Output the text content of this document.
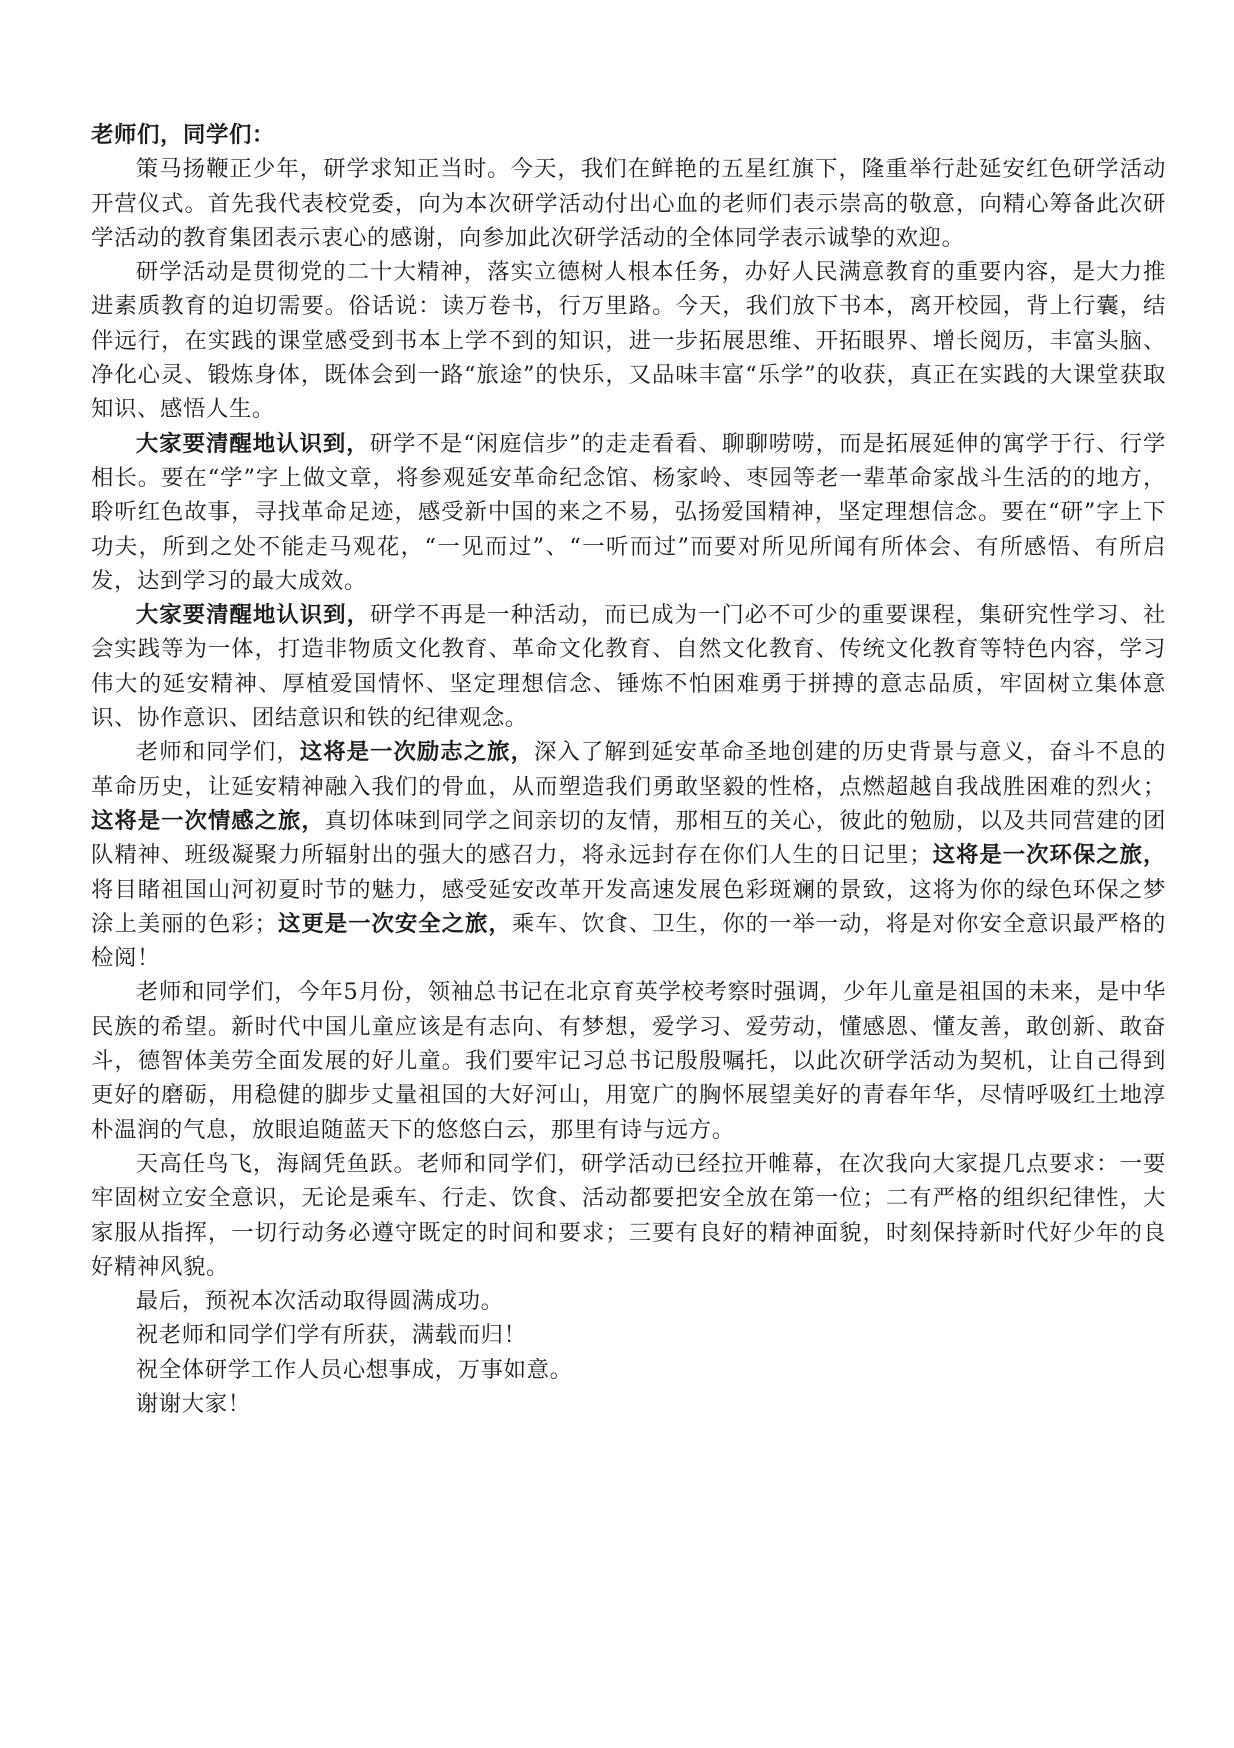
老师们，同学们：

策马扬鞭正少年，研学求知正当时。今天，我们在鲜艳的五星红旗下，隆重举行赴延安红色研学活动开营仪式。首先我代表校党委，向为本次研学活动付出心血的老师们表示崇高的敬意，向精心筹备此次研学活动的教育集团表示衷心的感谢，向参加此次研学活动的全体同学表示诚挚的欢迎。

研学活动是贯彻党的二十大精神，落实立德树人根本任务，办好人民满意教育的重要内容，是大力推进素质教育的迫切需要。俗话说：读万卷书，行万里路。今天，我们放下书本，离开校园，背上行囊，结伴远行，在实践的课堂感受到书本上学不到的知识，进一步拓展思维、开拓眼界、增长阅历，丰富头脑、净化心灵、锻炼身体，既体会到一路“旅途”的快乐，又品味丰富“乐学”的收获，真正在实践的大课堂获取知识、感悟人生。

大家要清醒地认识到，研学不是“闲庭信步”的走走看看、聊聊唠唠，而是拓展延伸的寓学于行、行学相长。要在“学”字上做文章，将参观延安革命纪念馆、杨家岭、枣园等老一辈革命家战斗生活的的地方，聆听红色故事，寻找革命足迹，感受新中国的来之不易，弘扬爱国精神，坚定理想信念。要在“研”字上下功夫，所到之处不能走马观花，“一见而过”、“一听而过”而要对所见所闻有所体会、有所感悟、有所启发，达到学习的最大成效。

大家要清醒地认识到，研学不再是一种活动，而已成为一门必不可少的重要课程，集研究性学习、社会实践等为一体，打造非物质文化教育、革命文化教育、自然文化教育、传统文化教育等特色内容，学习伟大的延安精神、厚植爱国情怀、坚定理想信念、锤炼不怕困难勇于拼搏的意志品质，牢固树立集体意识、协作意识、团结意识和铁的纪律观念。

老师和同学们，这将是一次励志之旅，深入了解到延安革命圣地创建的历史背景与意义，奋斗不息的革命历史，让延安精神融入我们的骨血，从而塑造我们勇敢坚毅的性格，点燃超越自我战胜困难的烈火；这将是一次情感之旅，真切体味到同学之间亲切的友情，那相互的关心，彼此的勉励，以及共同营建的团队精神、班级凝聚力所辐射出的强大的感召力，将永远封存在你们人生的日记里；这将是一次环保之旅，将目睹祖国山河初夏时节的魅力，感受延安改革开发高速发展色彩斑斓的景致，这将为你的绿色环保之梦涂上美丽的色彩；这更是一次安全之旅，乘车、饮食、卫生，你的一举一动，将是对你安全意识最严格的检阅！

老师和同学们，今年5月份，领袖总书记在北京育英学校考察时强调，少年儿童是祖国的未来，是中华民族的希望。新时代中国儿童应该是有志向、有梦想，爱学习、爱劳动，懂感恩、懂友善，敢创新、敢奋斗，德智体美劳全面发展的好儿童。我们要牢记习总书记殷殷嘱托，以此次研学活动为契机，让自己得到更好的磨砺，用稳健的脚步丈量祖国的大好河山，用宽广的胸怀展望美好的青春年华，尽情呼吸红土地淳朴温润的气息，放眼追随蓝天下的悠悠白云，那里有诗与远方。

天高任鸟飞，海阔凭鱼跃。老师和同学们，研学活动已经拉开帷幕，在次我向大家提几点要求：一要牢固树立安全意识，无论是乘车、行走、饮食、活动都要把安全放在第一位；二有严格的组织纪律性，大家服从指挥，一切行动务必遵守既定的时间和要求；三要有良好的精神面貌，时刻保持新时代好少年的良好精神风貌。

最后，预祝本次活动取得圆满成功。

祝老师和同学们学有所获，满载而归！

祝全体研学工作人员心想事成，万事如意。

谢谢大家！
